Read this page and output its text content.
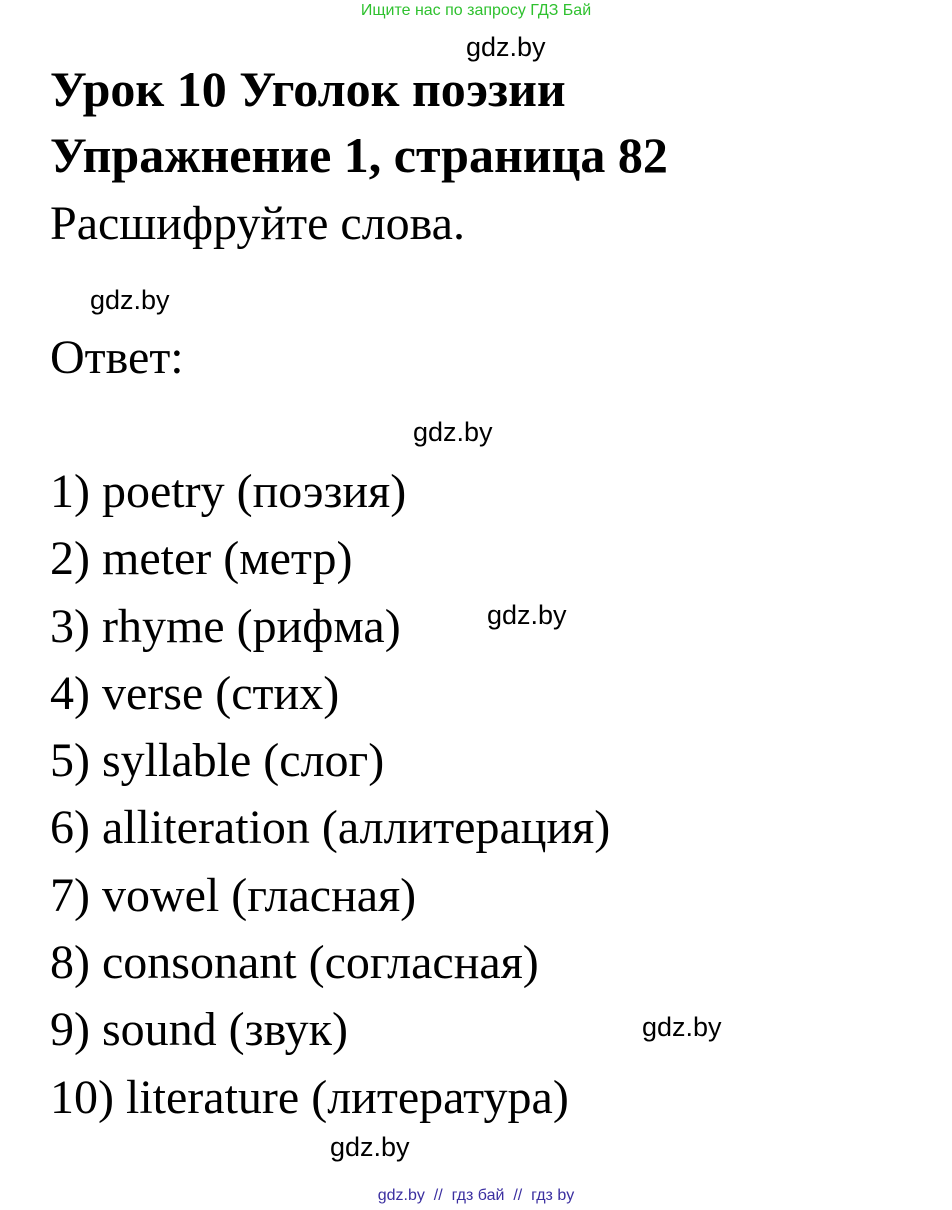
Ищите нас по запросу ГДЗ Бай
gdz.by
Урок 10 Уголок поэзии
Упражнение 1, страница 82
Расшифруйте слова.
gdz.by
Ответ:
gdz.by
1) poetry (поэзия)
2) meter (метр)
3) rhyme (рифма)
4) verse (стих)
5) syllable (слог)
6) alliteration (аллитерация)
7) vowel (гласная)
8) consonant (согласная)
9) sound (звук)
10) literature (литература)
gdz.by
gdz.by
gdz.by
gdz.by  //  гдз бай  //  гдз by
